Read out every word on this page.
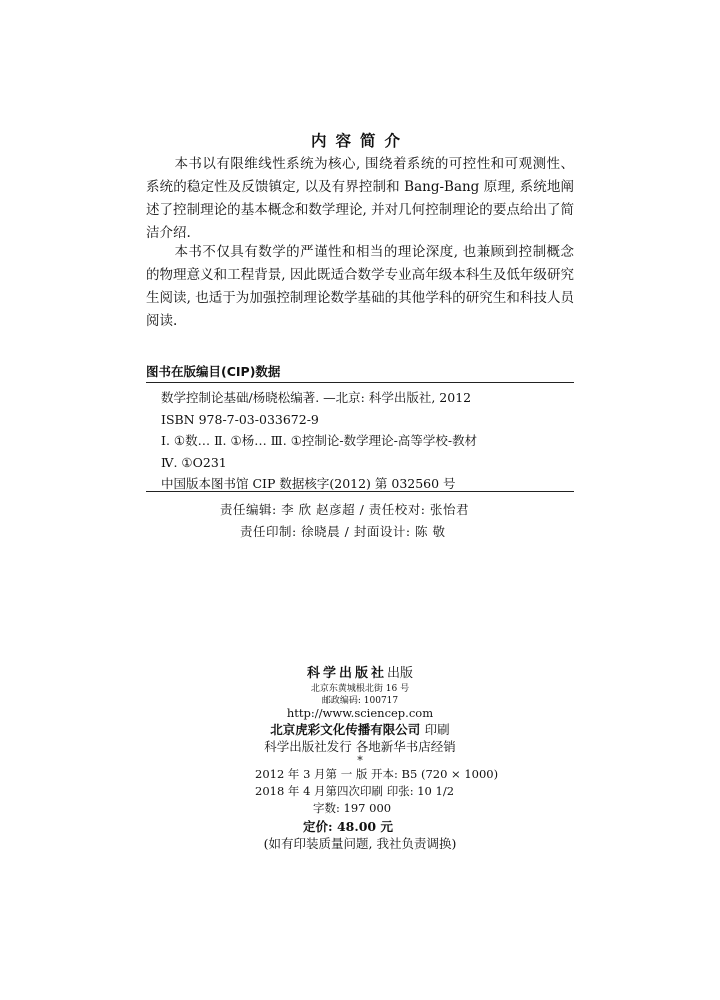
内容简介
本书以有限维线性系统为核心, 围绕着系统的可控性和可观测性、系统的稳定性及反馈镇定, 以及有界控制和 Bang-Bang 原理, 系统地阐述了控制理论的基本概念和数学理论, 并对几何控制理论的要点给出了简洁介绍.
本书不仅具有数学的严谨性和相当的理论深度, 也兼顾到控制概念的物理意义和工程背景, 因此既适合数学专业高年级本科生及低年级研究生阅读, 也适于为加强控制理论数学基础的其他学科的研究生和科技人员阅读.
图书在版编目(CIP)数据
数学控制论基础/杨晓松编著. —北京: 科学出版社, 2012
ISBN 978-7-03-033672-9
Ⅰ. ①数… Ⅱ. ①杨… Ⅲ. ①控制论-数学理论-高等学校-教材
Ⅳ. ①O231
中国版本图书馆 CIP 数据核字(2012) 第 032560 号
责任编辑: 李 欣 赵彦超 / 责任校对: 张怡君
责任印制: 徐晓晨 / 封面设计: 陈 敬
科学出版社出版
北京东黄城根北街 16 号
邮政编码: 100717
http://www.sciencep.com
北京虎彩文化传播有限公司 印刷
科学出版社发行 各地新华书店经销
*
2012 年 3 月第 一 版 开本: B5 (720 × 1000)
2018 年 4 月第四次印刷 印张: 10 1/2
字数: 197 000
定价: 48.00 元
(如有印装质量问题, 我社负责调换)
